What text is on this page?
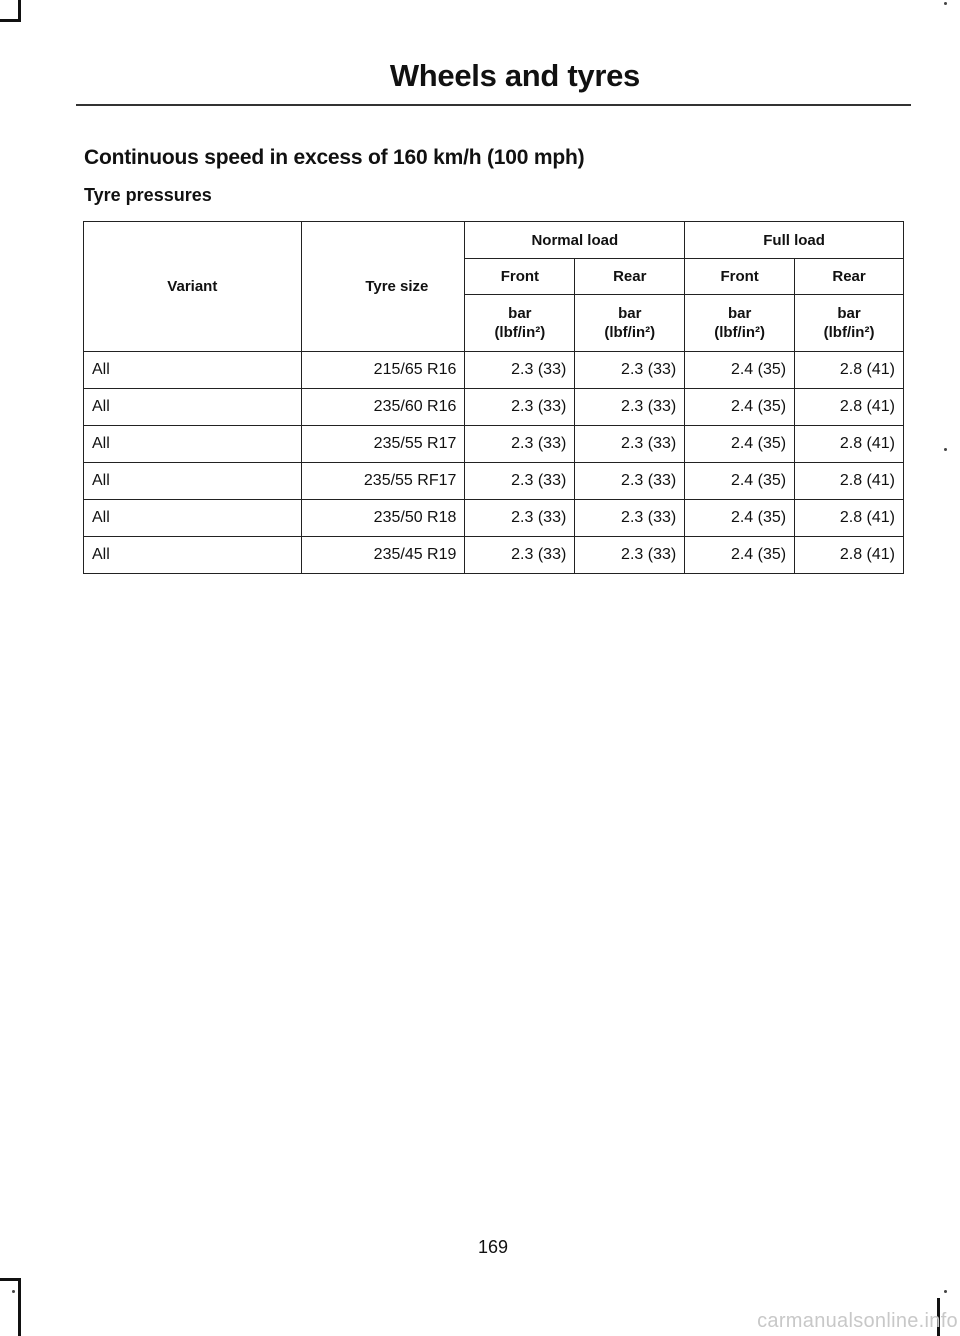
Wheels and tyres
Continuous speed in excess of 160 km/h (100 mph)
Tyre pressures
Variant	Tyre size	Normal load		Full load	
		Front	Rear	Front	Rear
		bar
(lbf/in²)	bar
(lbf/in²)	bar
(lbf/in²)	bar
(lbf/in²)
All	215/65 R16	2.3 (33)	2.3 (33)	2.4 (35)	2.8 (41)
All	235/60 R16	2.3 (33)	2.3 (33)	2.4 (35)	2.8 (41)
All	235/55 R17	2.3 (33)	2.3 (33)	2.4 (35)	2.8 (41)
All	235/55 RF17	2.3 (33)	2.3 (33)	2.4 (35)	2.8 (41)
All	235/50 R18	2.3 (33)	2.3 (33)	2.4 (35)	2.8 (41)
All	235/45 R19	2.3 (33)	2.3 (33)	2.4 (35)	2.8 (41)
169
carmanualsonline.info
